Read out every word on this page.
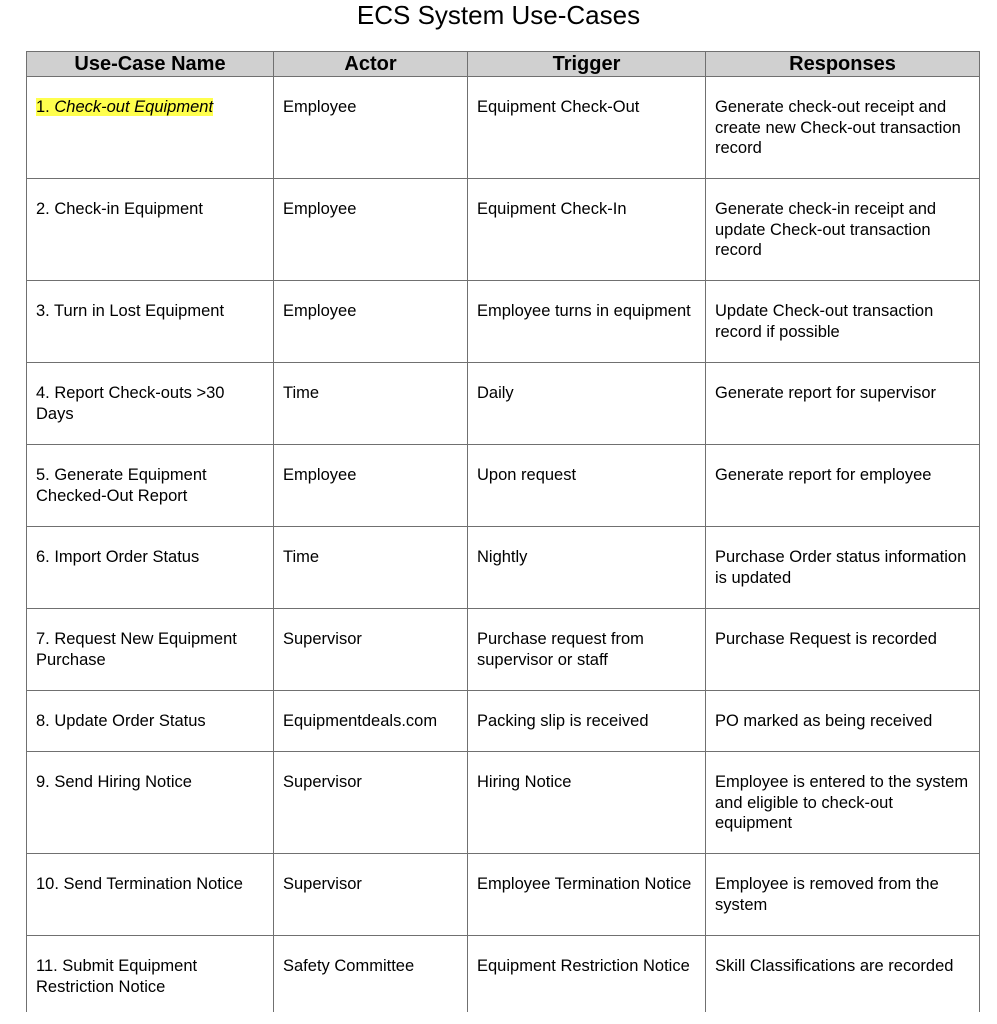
ECS System Use-Cases
Use-Case Name	Actor	Trigger	Responses

1. Check-out Equipment	Employee	Equipment Check-Out	Generate check-out receipt and create new Check-out transaction record

2. Check-in Equipment	Employee	Equipment Check-In	Generate check-in receipt and update Check-out transaction record

3. Turn in Lost Equipment	Employee	Employee turns in equipment	Update Check-out transaction record if possible

4. Report Check-outs >30 Days	Time	Daily	Generate report for supervisor

5. Generate Equipment Checked-Out Report	Employee	Upon request	Generate report for employee

6. Import Order Status	Time	Nightly	Purchase Order status information is updated

7. Request New Equipment Purchase	Supervisor	Purchase request from supervisor or staff	Purchase Request is recorded

8. Update Order Status	Equipmentdeals.com	Packing slip is received	PO marked as being received

9. Send Hiring Notice	Supervisor	Hiring Notice	Employee is entered to the system and eligible to check-out equipment

10. Send Termination Notice	Supervisor	Employee Termination Notice	Employee is removed from the system

11. Submit Equipment Restriction Notice	Safety Committee	Equipment Restriction Notice	Skill Classifications are recorded
